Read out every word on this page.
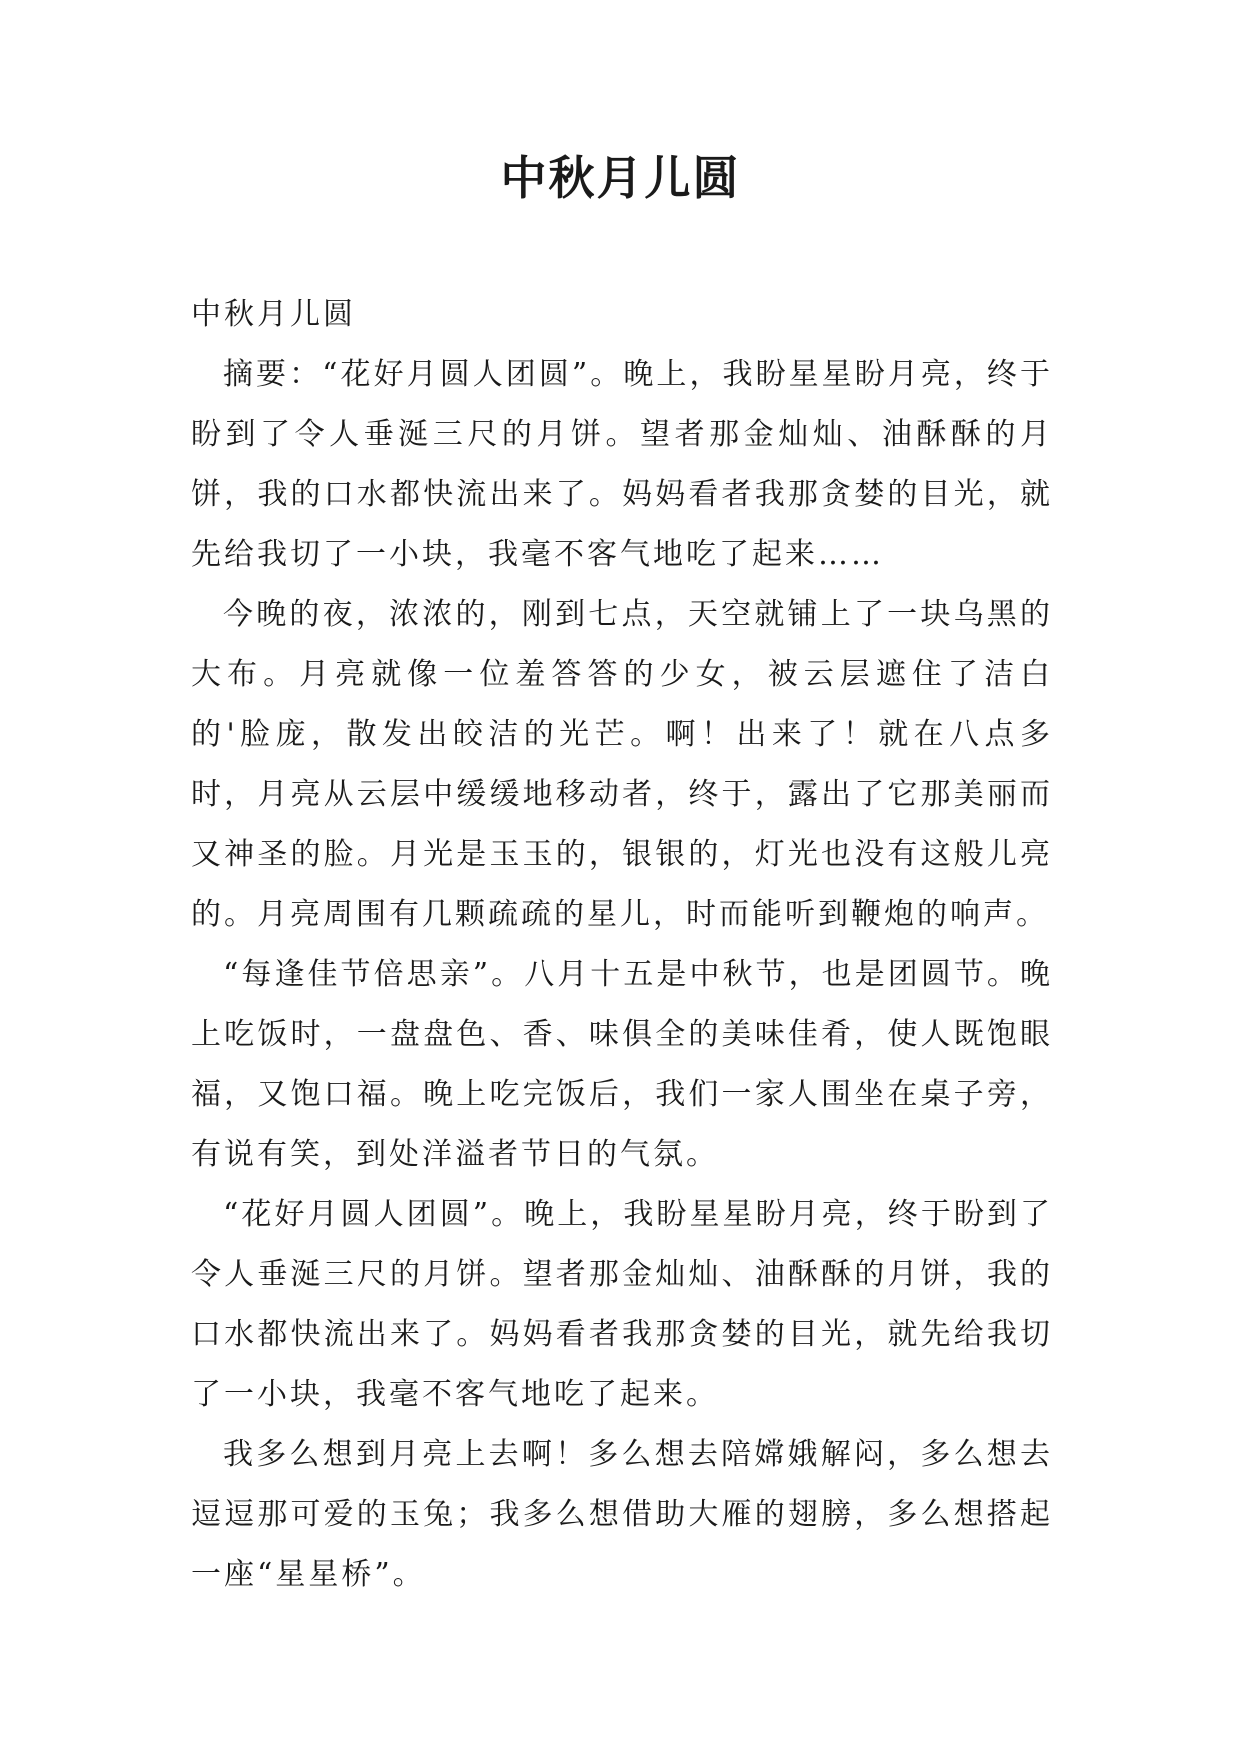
中秋月儿圆

中秋月儿圆

摘要：“花好月圆人团圆”。晚上，我盼星星盼月亮，终于盼到了令人垂涎三尺的月饼。望者那金灿灿、油酥酥的月饼，我的口水都快流出来了。妈妈看者我那贪婪的目光，就先给我切了一小块，我毫不客气地吃了起来……

今晚的夜，浓浓的，刚到七点，天空就铺上了一块乌黑的大布。月亮就像一位羞答答的少女，被云层遮住了洁白的'脸庞，散发出皎洁的光芒。啊！出来了！就在八点多时，月亮从云层中缓缓地移动者，终于，露出了它那美丽而又神圣的脸。月光是玉玉的，银银的，灯光也没有这般儿亮的。月亮周围有几颗疏疏的星儿，时而能听到鞭炮的响声。

“每逢佳节倍思亲”。八月十五是中秋节，也是团圆节。晚上吃饭时，一盘盘色、香、味俱全的美味佳肴，使人既饱眼福，又饱口福。晚上吃完饭后，我们一家人围坐在桌子旁，有说有笑，到处洋溢者节日的气氛。

“花好月圆人团圆”。晚上，我盼星星盼月亮，终于盼到了令人垂涎三尺的月饼。望者那金灿灿、油酥酥的月饼，我的口水都快流出来了。妈妈看者我那贪婪的目光，就先给我切了一小块，我毫不客气地吃了起来。

我多么想到月亮上去啊！多么想去陪嫦娥解闷，多么想去逗逗那可爱的玉兔；我多么想借助大雁的翅膀，多么想搭起一座“星星桥”。
